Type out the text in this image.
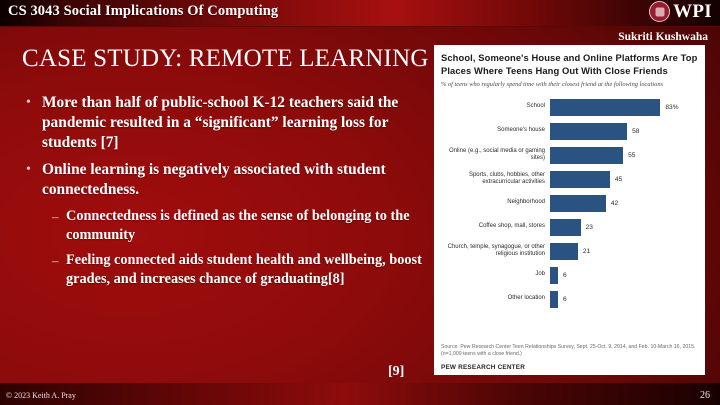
CS 3043 Social Implications Of Computing	WPI
Sukriti Kushwaha
CASE STUDY: REMOTE LEARNING
• More than half of public-school K-12 teachers said the pandemic resulted in a “significant” learning loss for students [7]
• Online learning is negatively associated with student connectedness.
– Connectedness is defined as the sense of belonging to the community
– Feeling connected aids student health and wellbeing, boost grades, and increases chance of graduating[8]
[9]
School, Someone's House and Online Platforms Are Top Places Where Teens Hang Out With Close Friends
% of teens who regularly spend time with their closest friend at the following locations
School	83%
Someone's house	58
Online (e.g., social media or gaming sites)	55
Sports, clubs, hobbies, other extracurricular activities	45
Neighborhood	42
Coffee shop, mall, stores	23
Church, temple, synagogue, or other religious institution	21
Job	6
Other location	6
Source: Pew Research Center Teen Relationships Survey, Sept. 25-Oct. 9, 2014, and Feb. 10-March 16, 2015. (n=1,009 teens with a close friend.)
PEW RESEARCH CENTER
© 2023 Keith A. Pray	26
